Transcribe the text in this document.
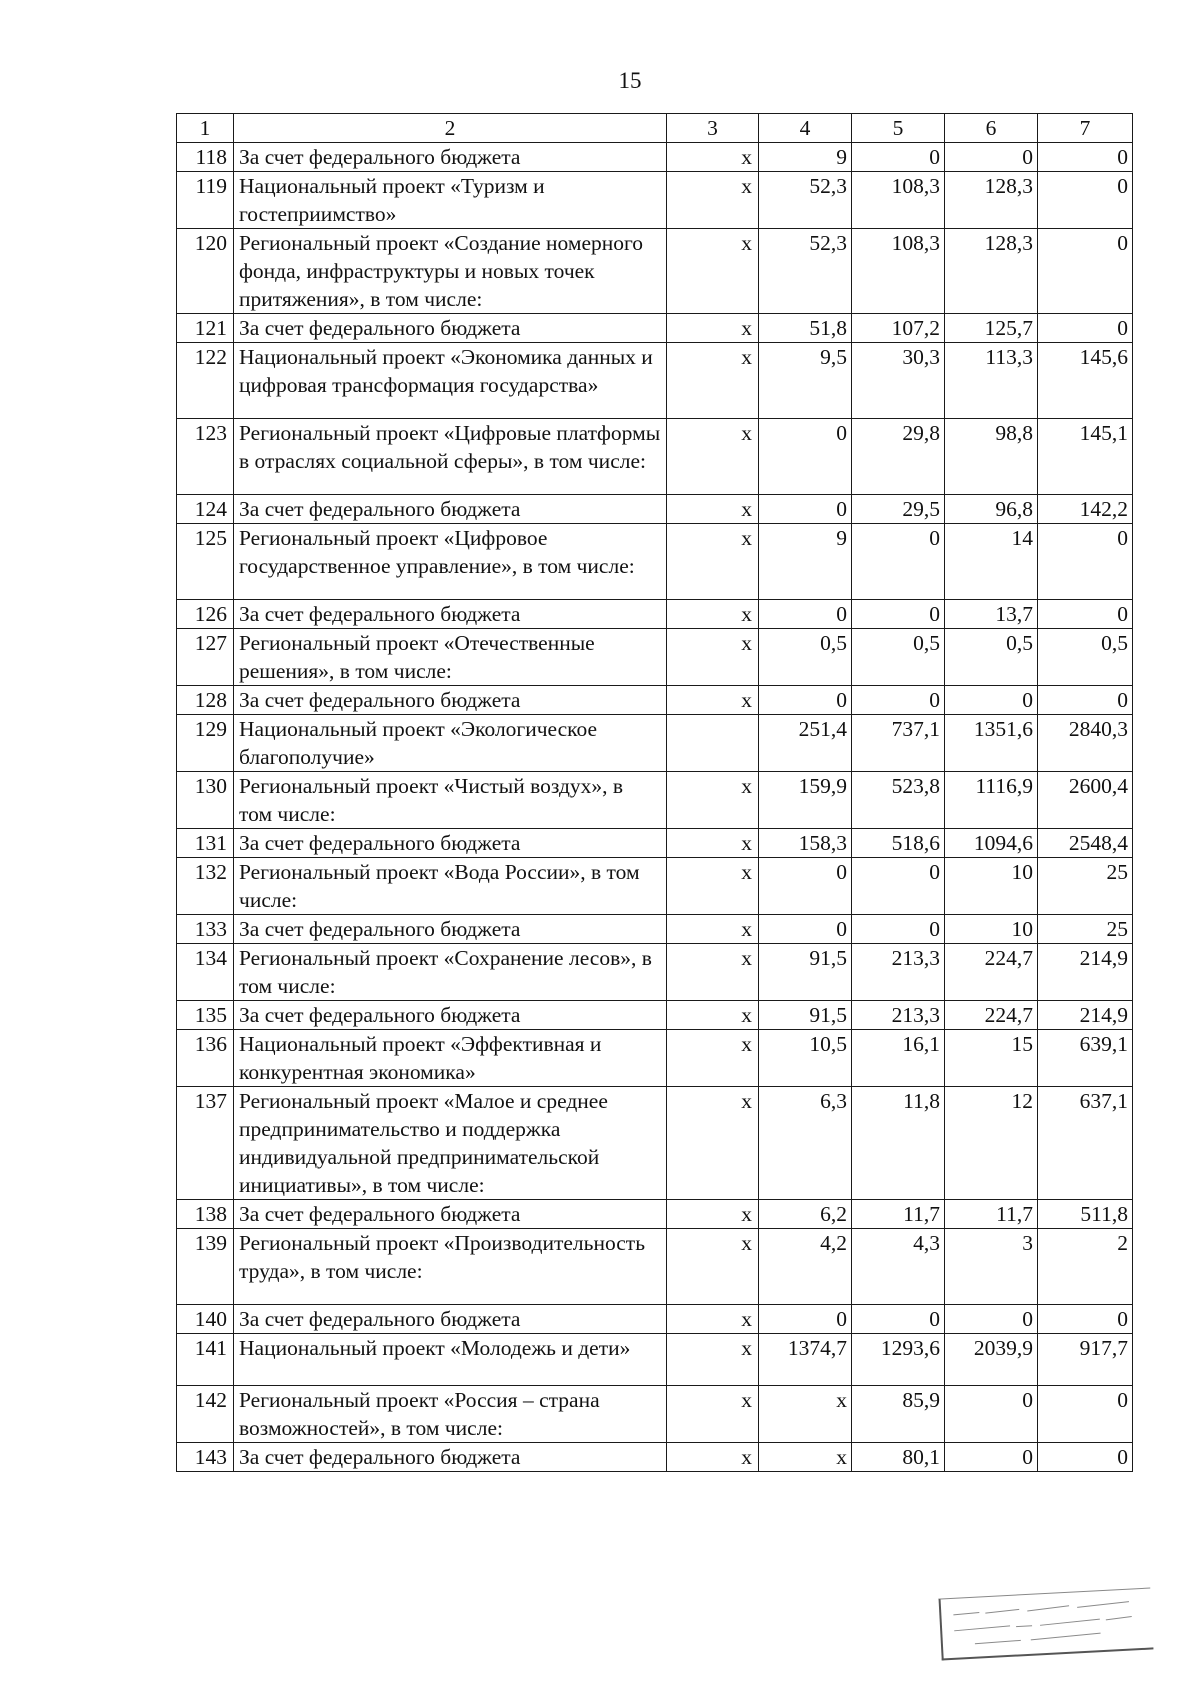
15
1	2	3	4	5	6	7
118	За счет федерального бюджета	x	9	0	0	0
119	Национальный проект «Туризм и гостеприимство»	x	52,3	108,3	128,3	0
120	Региональный проект «Создание номерного фонда, инфраструктуры и новых точек притяжения», в том числе:	x	52,3	108,3	128,3	0
121	За счет федерального бюджета	x	51,8	107,2	125,7	0
122	Национальный проект «Экономика данных и цифровая трансформация государства»	x	9,5	30,3	113,3	145,6
123	Региональный проект «Цифровые платформы в отраслях социальной сферы», в том числе:	x	0	29,8	98,8	145,1
124	За счет федерального бюджета	x	0	29,5	96,8	142,2
125	Региональный проект «Цифровое государственное управление», в том числе:	x	9	0	14	0
126	За счет федерального бюджета	x	0	0	13,7	0
127	Региональный проект «Отечественные решения», в том числе:	x	0,5	0,5	0,5	0,5
128	За счет федерального бюджета	x	0	0	0	0
129	Национальный проект «Экологическое благополучие»		251,4	737,1	1351,6	2840,3
130	Региональный проект «Чистый воздух», в том числе:	x	159,9	523,8	1116,9	2600,4
131	За счет федерального бюджета	x	158,3	518,6	1094,6	2548,4
132	Региональный проект «Вода России», в том числе:	x	0	0	10	25
133	За счет федерального бюджета	x	0	0	10	25
134	Региональный проект «Сохранение лесов», в том числе:	x	91,5	213,3	224,7	214,9
135	За счет федерального бюджета	x	91,5	213,3	224,7	214,9
136	Национальный проект «Эффективная и конкурентная экономика»	x	10,5	16,1	15	639,1
137	Региональный проект «Малое и среднее предпринимательство и поддержка индивидуальной предпринимательской инициативы», в том числе:	x	6,3	11,8	12	637,1
138	За счет федерального бюджета	x	6,2	11,7	11,7	511,8
139	Региональный проект «Производительность труда», в том числе:	x	4,2	4,3	3	2
140	За счет федерального бюджета	x	0	0	0	0
141	Национальный проект «Молодежь и дети»	x	1374,7	1293,6	2039,9	917,7
142	Региональный проект «Россия – страна возможностей», в том числе:	x	x	85,9	0	0
143	За счет федерального бюджета	x	x	80,1	0	0
